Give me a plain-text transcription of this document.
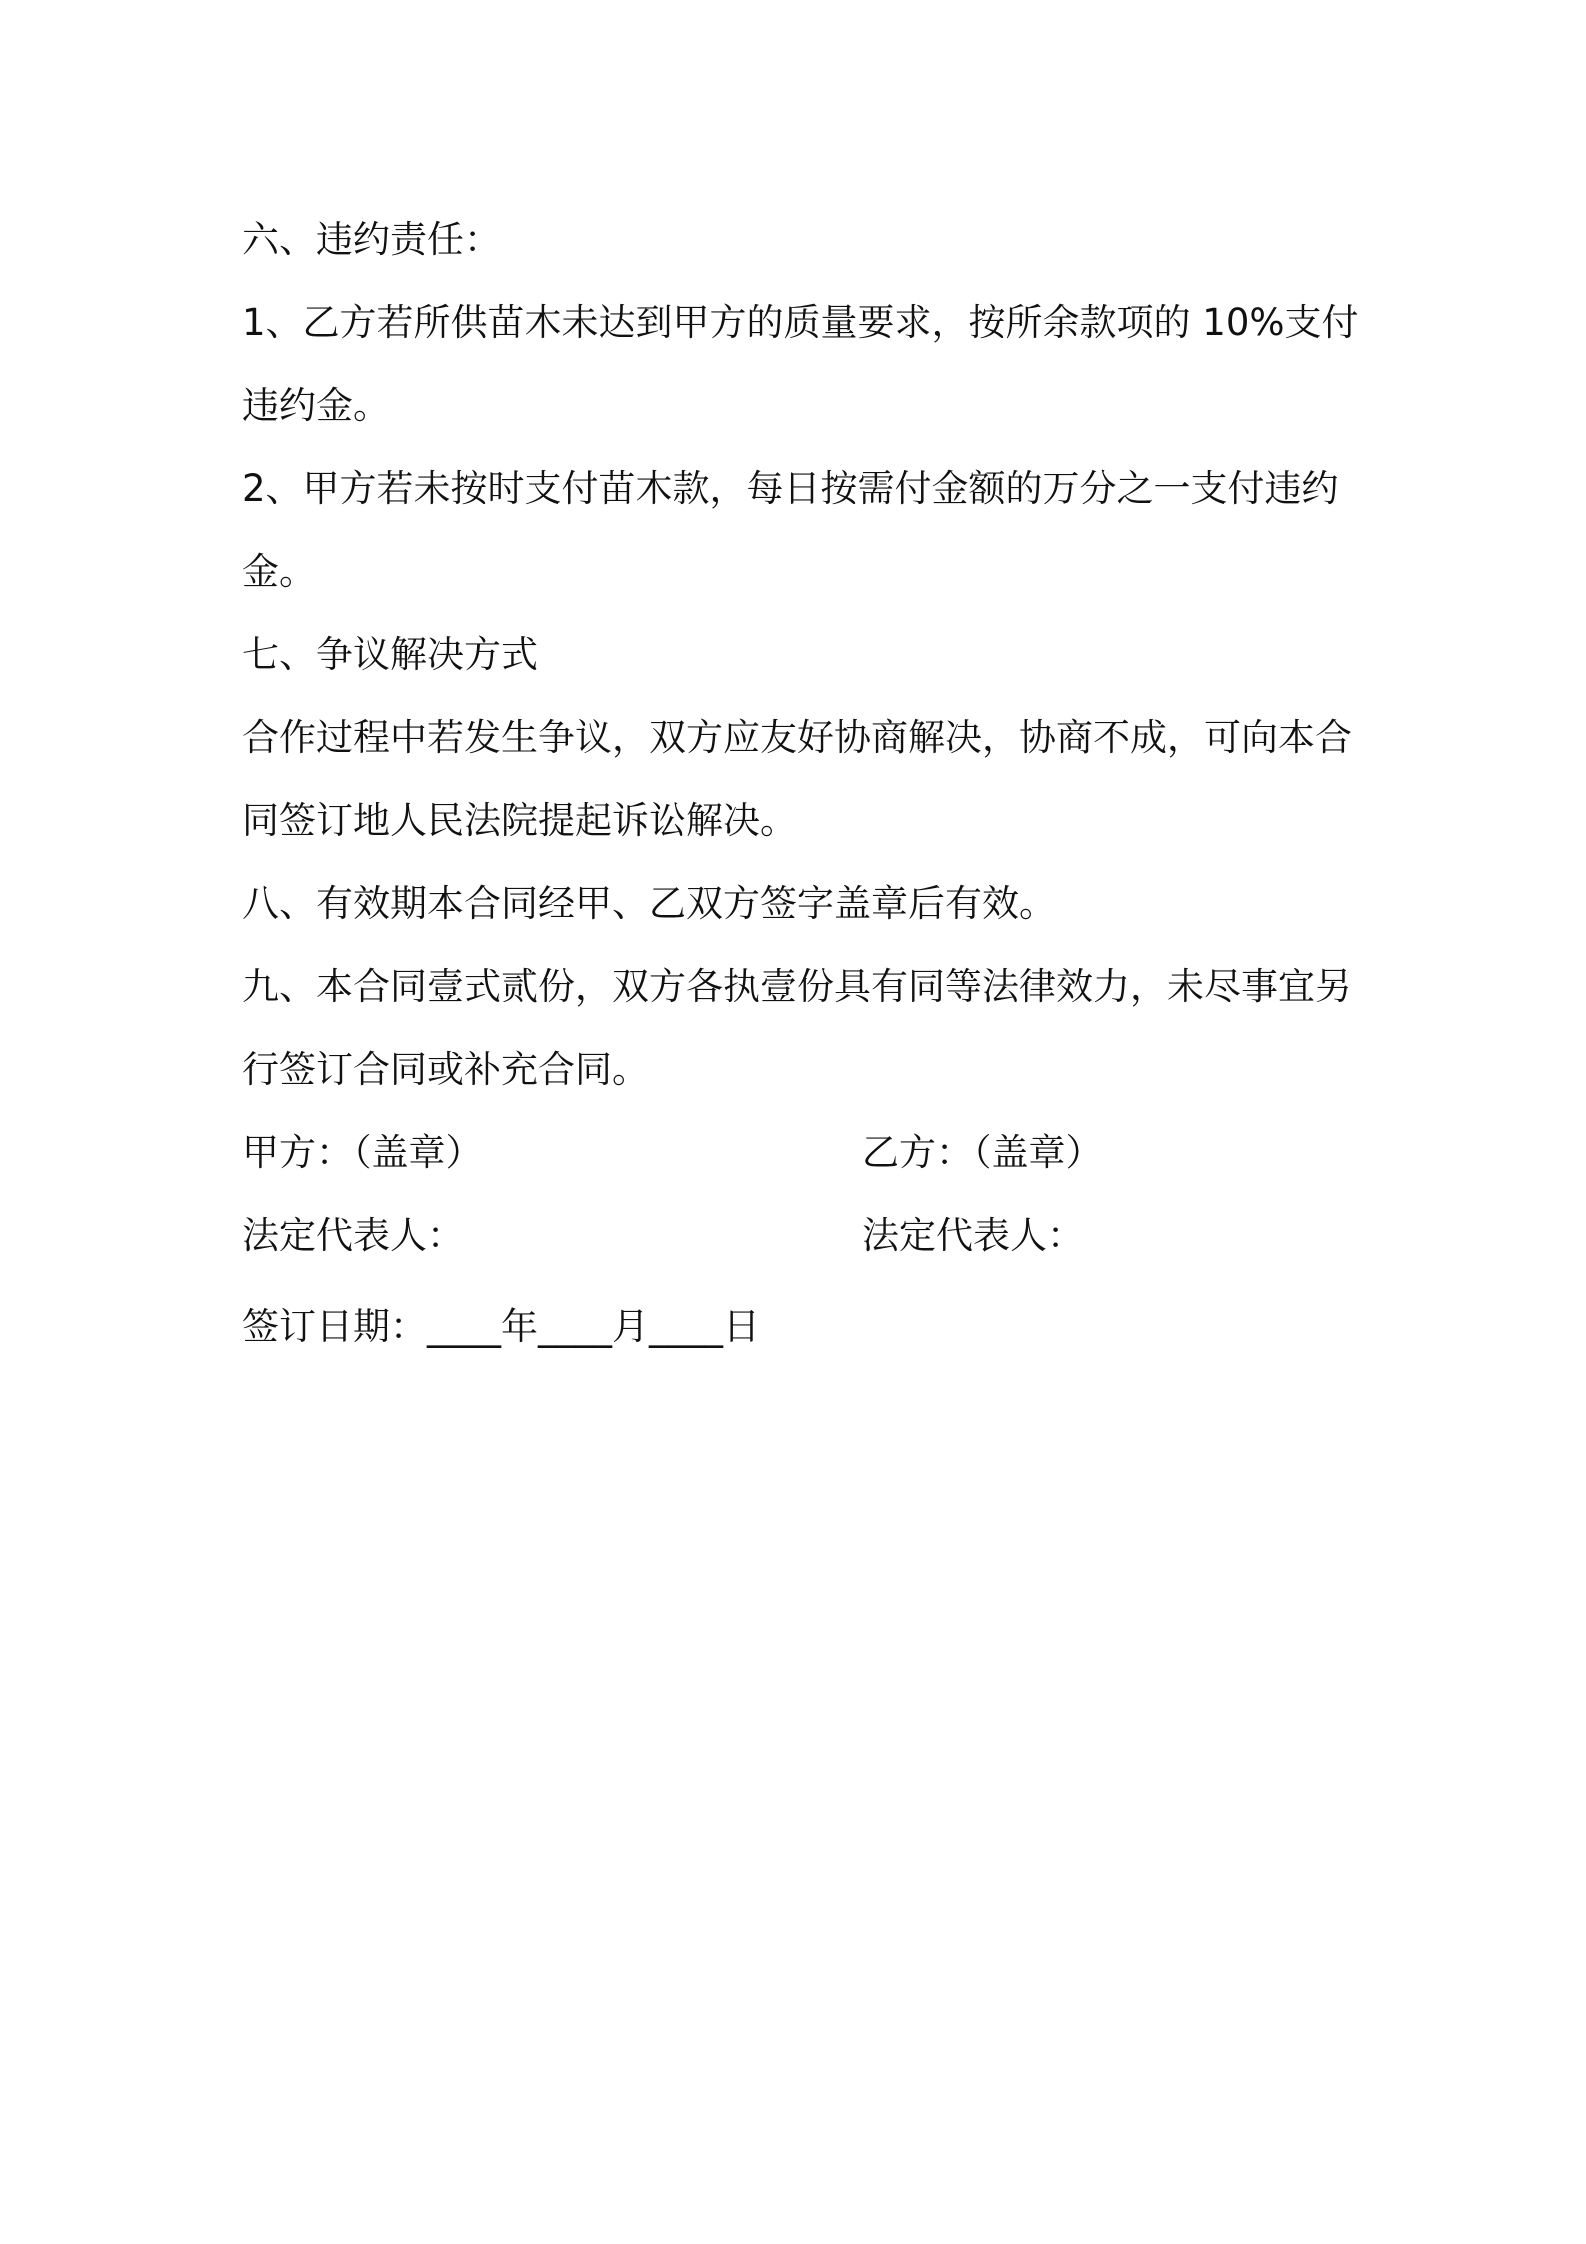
六、违约责任：

1、乙方若所供苗木未达到甲方的质量要求，按所余款项的 10%支付

违约金。

2、甲方若未按时支付苗木款，每日按需付金额的万分之一支付违约

金。

七、争议解决方式

合作过程中若发生争议，双方应友好协商解决，协商不成，可向本合

同签订地人民法院提起诉讼解决。

八、有效期本合同经甲、乙双方签字盖章后有效。

九、本合同壹式贰份，双方各执壹份具有同等法律效力，未尽事宜另

行签订合同或补充合同。

甲方：（盖章）	乙方：（盖章）
法定代表人：	法定代表人：
签订日期：____年____月____日
